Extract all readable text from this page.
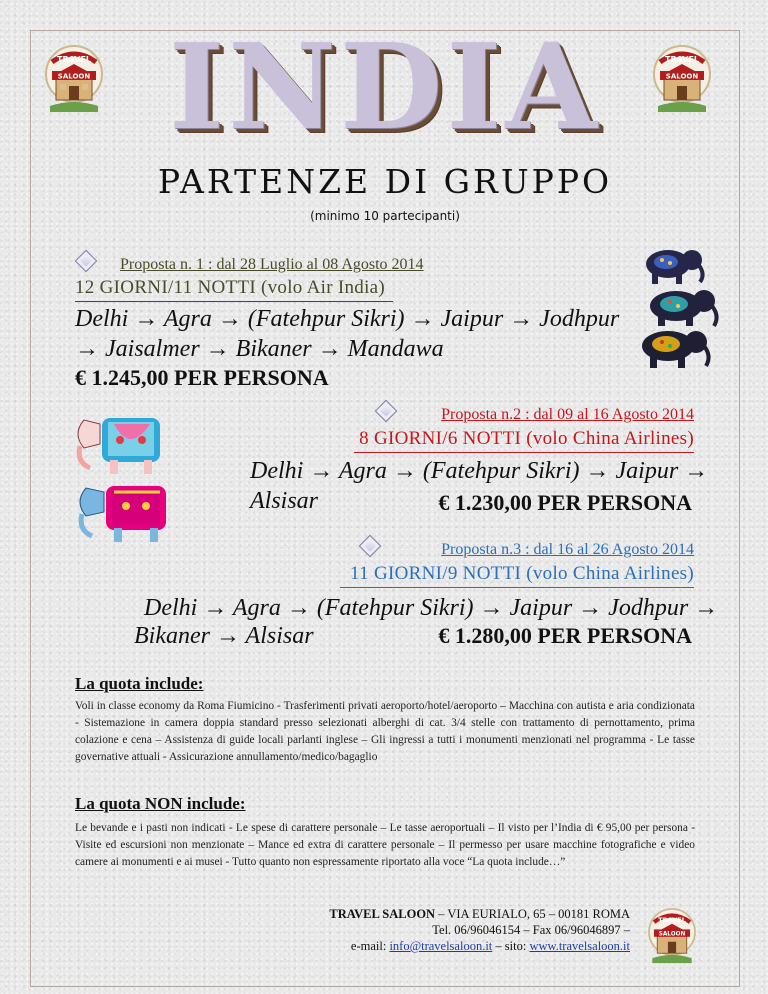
TRAVEL
SALOON
TRAVEL
SALOON
INDIA
PARTENZE DI GRUPPO
(minimo 10 partecipanti)
Proposta n. 1 : dal 28 Luglio al 08 Agosto 2014
12 GIORNI/11 NOTTI (volo Air India)
Delhi → Agra → (Fatehpur Sikri) → Jaipur → Jodhpur
→ Jaisalmer → Bikaner → Mandawa
€ 1.245,00 PER PERSONA
Proposta n.2 : dal 09 al 16 Agosto 2014
8 GIORNI/6 NOTTI (volo China Airlines)
Delhi → Agra → (Fatehpur Sikri) → Jaipur →
Alsisar	€ 1.230,00 PER PERSONA
Proposta n.3 : dal 16 al 26 Agosto 2014
11 GIORNI/9 NOTTI (volo China Airlines)
Delhi → Agra → (Fatehpur Sikri) → Jaipur → Jodhpur →
Bikaner → Alsisar	€ 1.280,00 PER PERSONA
La quota include:
Voli in classe economy da Roma Fiumicino - Trasferimenti privati aeroporto/hotel/aeroporto – Macchina con autista e aria condizionata - Sistemazione in camera doppia standard presso selezionati alberghi di cat. 3/4 stelle con trattamento di pernottamento, prima colazione e cena – Assistenza di guide locali parlanti inglese – Gli ingressi a tutti i monumenti menzionati nel programma - Le tasse governative attuali - Assicurazione annullamento/medico/bagaglio
La quota NON include:
Le bevande e i pasti non indicati - Le spese di carattere personale – Le tasse aeroportuali – Il visto per l’India di € 95,00 per persona - Visite ed escursioni non menzionate – Mance ed extra di carattere personale – Il permesso per usare macchine fotografiche e video camere ai monumenti e ai musei - Tutto quanto non espressamente riportato alla voce “La quota include…”
TRAVEL SALOON – VIA EURIALO, 65 – 00181 ROMA
Tel. 06/96046154 – Fax 06/96046897 –
e-mail: info@travelsaloon.it – sito: www.travelsaloon.it
TRAVEL
SALOON
